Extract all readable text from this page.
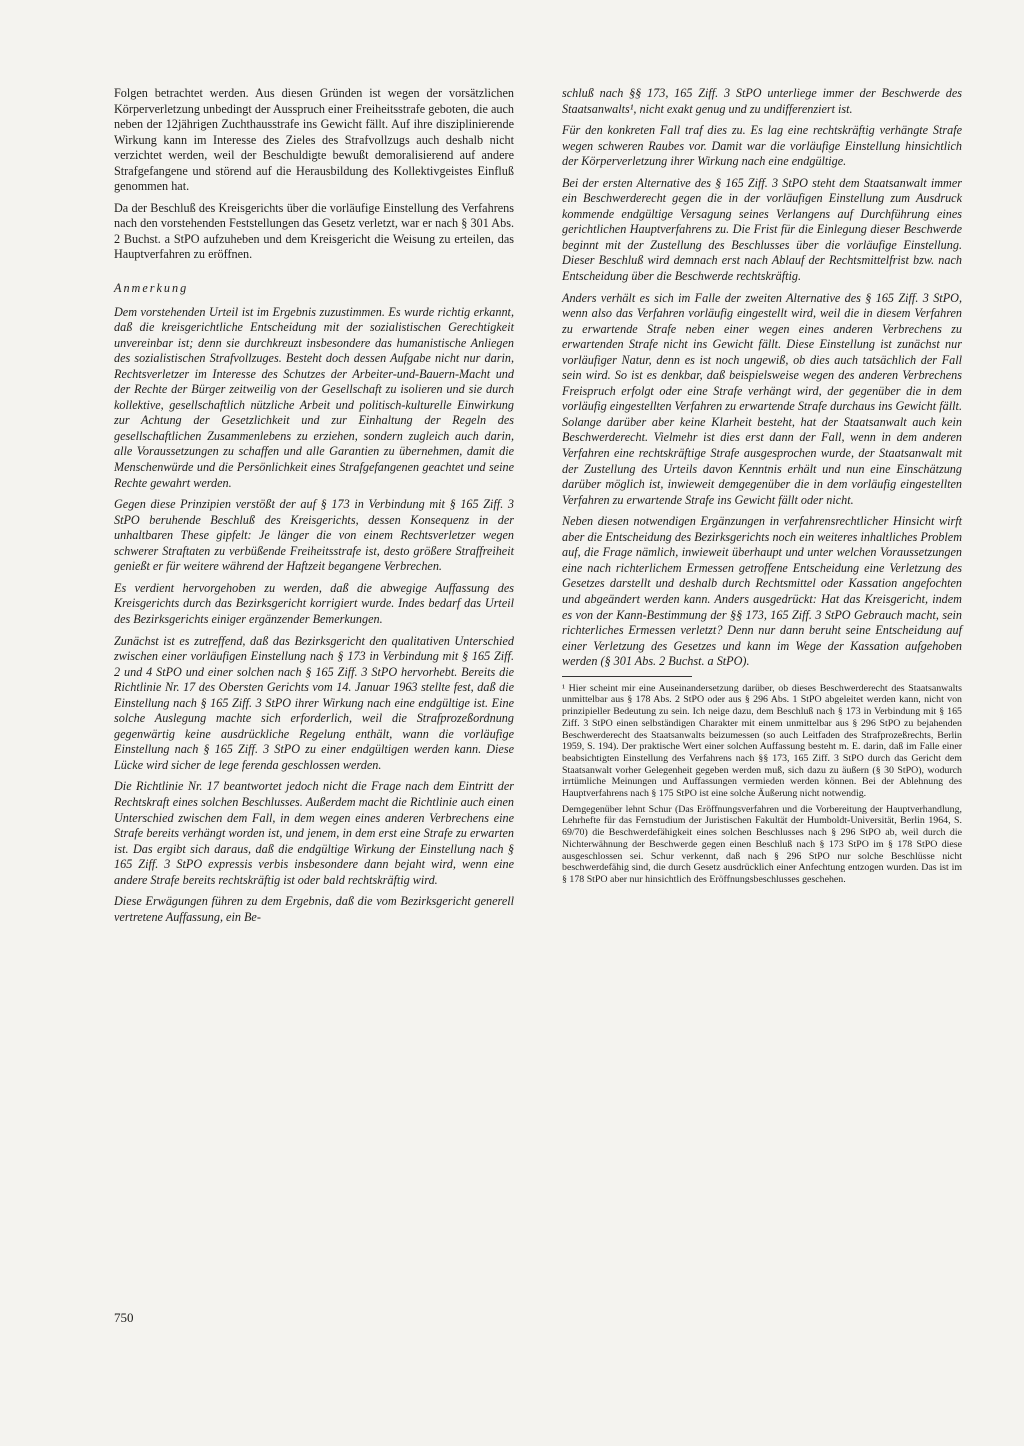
Folgen betrachtet werden. Aus diesen Gründen ist wegen der vorsätzlichen Körperverletzung unbedingt der Ausspruch einer Freiheitsstrafe geboten, die auch neben der 12jährigen Zuchthausstrafe ins Gewicht fällt. Auf ihre disziplinierende Wirkung kann im Interesse des Zieles des Strafvollzugs auch deshalb nicht verzichtet werden, weil der Beschuldigte bewußt demoralisierend auf andere Strafgefangene und störend auf die Herausbildung des Kollektivgeistes Einfluß genommen hat.

Da der Beschluß des Kreisgerichts über die vorläufige Einstellung des Verfahrens nach den vorstehenden Feststellungen das Gesetz verletzt, war er nach § 301 Abs. 2 Buchst. a StPO aufzuheben und dem Kreisgericht die Weisung zu erteilen, das Hauptverfahren zu eröffnen.

Anmerkung

Dem vorstehenden Urteil ist im Ergebnis zuzustimmen. Es wurde richtig erkannt, daß die kreisgerichtliche Entscheidung mit der sozialistischen Gerechtigkeit unvereinbar ist; denn sie durchkreuzt insbesondere das humanistische Anliegen des sozialistischen Strafvollzuges. Besteht doch dessen Aufgabe nicht nur darin, Rechtsverletzer im Interesse des Schutzes der Arbeiter-und-Bauern-Macht und der Rechte der Bürger zeitweilig von der Gesellschaft zu isolieren und sie durch kollektive, gesellschaftlich nützliche Arbeit und politisch-kulturelle Einwirkung zur Achtung der Gesetzlichkeit und zur Einhaltung der Regeln des gesellschaftlichen Zusammenlebens zu erziehen, sondern zugleich auch darin, alle Voraussetzungen zu schaffen und alle Garantien zu übernehmen, damit die Menschenwürde und die Persönlichkeit eines Strafgefangenen geachtet und seine Rechte gewahrt werden.

Gegen diese Prinzipien verstößt der auf § 173 in Verbindung mit § 165 Ziff. 3 StPO beruhende Beschluß des Kreisgerichts, dessen Konsequenz in der unhaltbaren These gipfelt: Je länger die von einem Rechtsverletzer wegen schwerer Straftaten zu verbüßende Freiheitsstrafe ist, desto größere Straffreiheit genießt er für weitere während der Haftzeit begangene Verbrechen.

Es verdient hervorgehoben zu werden, daß die abwegige Auffassung des Kreisgerichts durch das Bezirksgericht korrigiert wurde. Indes bedarf das Urteil des Bezirksgerichts einiger ergänzender Bemerkungen.

Zunächst ist es zutreffend, daß das Bezirksgericht den qualitativen Unterschied zwischen einer vorläufigen Einstellung nach § 173 in Verbindung mit § 165 Ziff. 2 und 4 StPO und einer solchen nach § 165 Ziff. 3 StPO hervorhebt. Bereits die Richtlinie Nr. 17 des Obersten Gerichts vom 14. Januar 1963 stellte fest, daß die Einstellung nach § 165 Ziff. 3 StPO ihrer Wirkung nach eine endgültige ist. Eine solche Auslegung machte sich erforderlich, weil die Strafprozeßordnung gegenwärtig keine ausdrückliche Regelung enthält, wann die vorläufige Einstellung nach § 165 Ziff. 3 StPO zu einer endgültigen werden kann. Diese Lücke wird sicher de lege ferenda geschlossen werden.

Die Richtlinie Nr. 17 beantwortet jedoch nicht die Frage nach dem Eintritt der Rechtskraft eines solchen Beschlusses. Außerdem macht die Richtlinie auch einen Unterschied zwischen dem Fall, in dem wegen eines anderen Verbrechens eine Strafe bereits verhängt worden ist, und jenem, in dem erst eine Strafe zu erwarten ist. Das ergibt sich daraus, daß die endgültige Wirkung der Einstellung nach § 165 Ziff. 3 StPO expressis verbis insbesondere dann bejaht wird, wenn eine andere Strafe bereits rechtskräftig ist oder bald rechtskräftig wird.

Diese Erwägungen führen zu dem Ergebnis, daß die vom Bezirksgericht generell vertretene Auffassung, ein Be-

schluß nach §§ 173, 165 Ziff. 3 StPO unterliege immer der Beschwerde des Staatsanwalts¹, nicht exakt genug und zu undifferenziert ist.

Für den konkreten Fall traf dies zu. Es lag eine rechtskräftig verhängte Strafe wegen schweren Raubes vor. Damit war die vorläufige Einstellung hinsichtlich der Körperverletzung ihrer Wirkung nach eine endgültige.

Bei der ersten Alternative des § 165 Ziff. 3 StPO steht dem Staatsanwalt immer ein Beschwerderecht gegen die in der vorläufigen Einstellung zum Ausdruck kommende endgültige Versagung seines Verlangens auf Durchführung eines gerichtlichen Hauptverfahrens zu. Die Frist für die Einlegung dieser Beschwerde beginnt mit der Zustellung des Beschlusses über die vorläufige Einstellung. Dieser Beschluß wird demnach erst nach Ablauf der Rechtsmittelfrist bzw. nach Entscheidung über die Beschwerde rechtskräftig.

Anders verhält es sich im Falle der zweiten Alternative des § 165 Ziff. 3 StPO, wenn also das Verfahren vorläufig eingestellt wird, weil die in diesem Verfahren zu erwartende Strafe neben einer wegen eines anderen Verbrechens zu erwartenden Strafe nicht ins Gewicht fällt. Diese Einstellung ist zunächst nur vorläufiger Natur, denn es ist noch ungewiß, ob dies auch tatsächlich der Fall sein wird. So ist es denkbar, daß beispielsweise wegen des anderen Verbrechens Freispruch erfolgt oder eine Strafe verhängt wird, der gegenüber die in dem vorläufig eingestellten Verfahren zu erwartende Strafe durchaus ins Gewicht fällt. Solange darüber aber keine Klarheit besteht, hat der Staatsanwalt auch kein Beschwerderecht. Vielmehr ist dies erst dann der Fall, wenn in dem anderen Verfahren eine rechtskräftige Strafe ausgesprochen wurde, der Staatsanwalt mit der Zustellung des Urteils davon Kenntnis erhält und nun eine Einschätzung darüber möglich ist, inwieweit demgegenüber die in dem vorläufig eingestellten Verfahren zu erwartende Strafe ins Gewicht fällt oder nicht.

Neben diesen notwendigen Ergänzungen in verfahrensrechtlicher Hinsicht wirft aber die Entscheidung des Bezirksgerichts noch ein weiteres inhaltliches Problem auf, die Frage nämlich, inwieweit überhaupt und unter welchen Voraussetzungen eine nach richterlichem Ermessen getroffene Entscheidung eine Verletzung des Gesetzes darstellt und deshalb durch Rechtsmittel oder Kassation angefochten und abgeändert werden kann. Anders ausgedrückt: Hat das Kreisgericht, indem es von der Kann-Bestimmung der §§ 173, 165 Ziff. 3 StPO Gebrauch macht, sein richterliches Ermessen verletzt? Denn nur dann beruht seine Entscheidung auf einer Verletzung des Gesetzes und kann im Wege der Kassation aufgehoben werden (§ 301 Abs. 2 Buchst. a StPO).

¹ Hier scheint mir eine Auseinandersetzung darüber, ob dieses Beschwerderecht des Staatsanwalts unmittelbar aus § 178 Abs. 2 StPO oder aus § 296 Abs. 1 StPO abgeleitet werden kann, nicht von prinzipieller Bedeutung zu sein. Ich neige dazu, dem Beschluß nach § 173 in Verbindung mit § 165 Ziff. 3 StPO einen selbständigen Charakter mit einem unmittelbar aus § 296 StPO zu bejahenden Beschwerderecht des Staatsanwalts beizumessen (so auch Leitfaden des Strafprozeßrechts, Berlin 1959, S. 194). Der praktische Wert einer solchen Auffassung besteht m. E. darin, daß im Falle einer beabsichtigten Einstellung des Verfahrens nach §§ 173, 165 Ziff. 3 StPO durch das Gericht dem Staatsanwalt vorher Gelegenheit gegeben werden muß, sich dazu zu äußern (§ 30 StPO), wodurch irrtümliche Meinungen und Auffassungen vermieden werden können. Bei der Ablehnung des Hauptverfahrens nach § 175 StPO ist eine solche Äußerung nicht notwendig.

Demgegenüber lehnt Schur (Das Eröffnungsverfahren und die Vorbereitung der Hauptverhandlung, Lehrhefte für das Fernstudium der Juristischen Fakultät der Humboldt-Universität, Berlin 1964, S. 69/70) die Beschwerdefähigkeit eines solchen Beschlusses nach § 296 StPO ab, weil durch die Nichterwähnung der Beschwerde gegen einen Beschluß nach § 173 StPO im § 178 StPO diese ausgeschlossen sei. Schur verkennt, daß nach § 296 StPO nur solche Beschlüsse nicht beschwerdefähig sind, die durch Gesetz ausdrücklich einer Anfechtung entzogen wurden. Das ist im § 178 StPO aber nur hinsichtlich des Eröffnungsbeschlusses geschehen.

750
